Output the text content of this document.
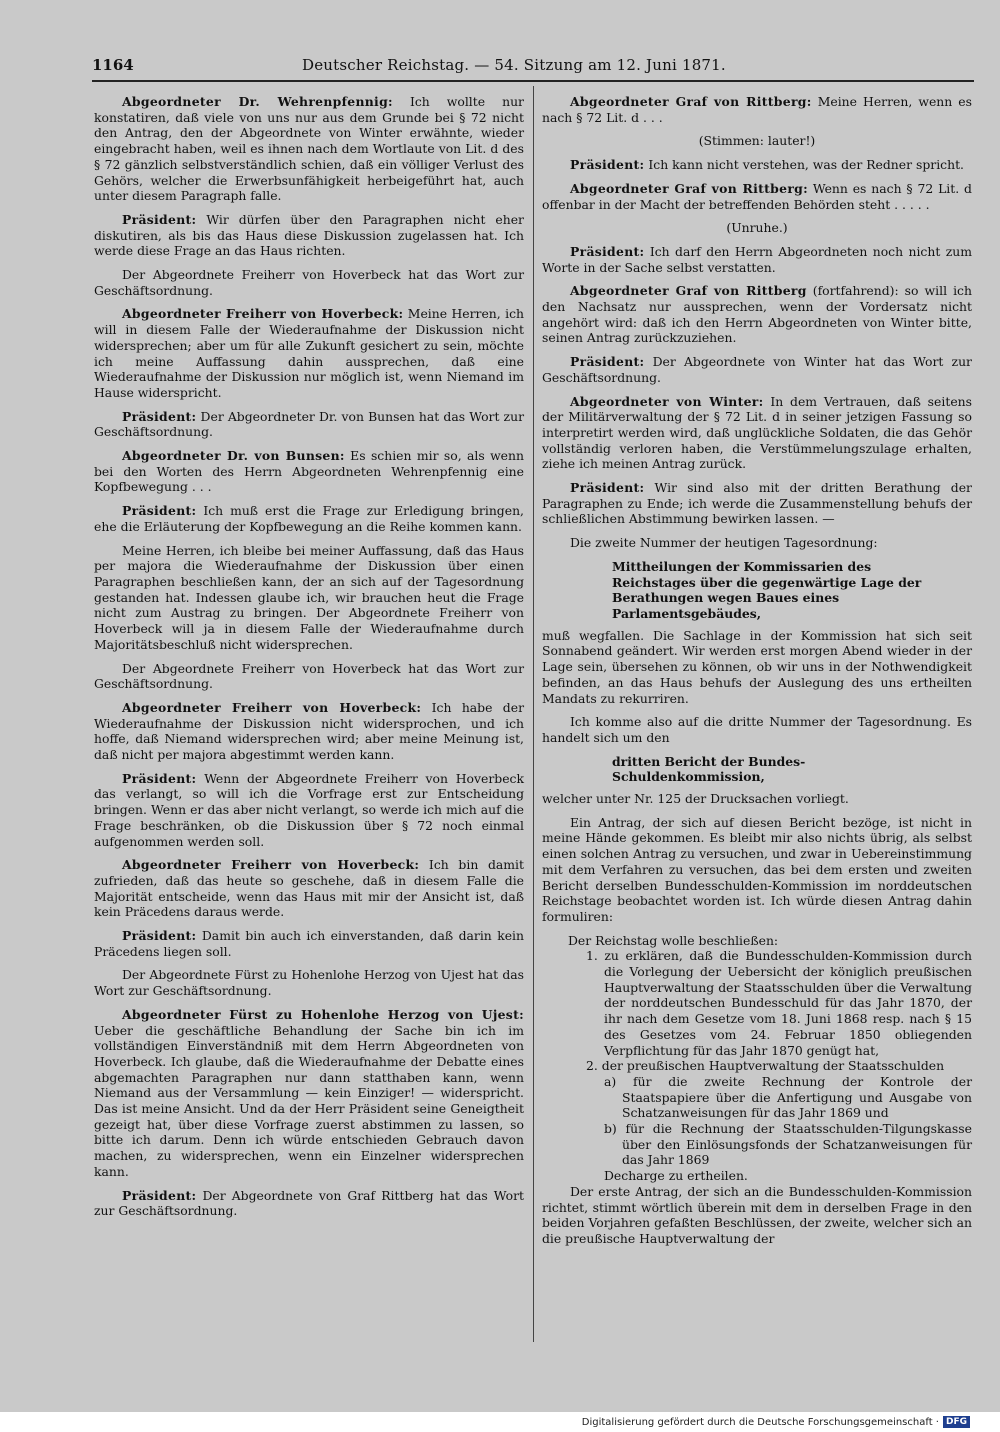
1164	Deutscher Reichstag. — 54. Sitzung am 12. Juni 1871.

Abgeordneter Dr. Wehrenpfennig: Ich wollte nur konstatiren, daß viele von uns nur aus dem Grunde bei § 72 nicht den Antrag, den der Abgeordnete von Winter erwähnte, wieder eingebracht haben, weil es ihnen nach dem Wortlaute von Lit. d des § 72 gänzlich selbstverständlich schien, daß ein völliger Verlust des Gehörs, welcher die Erwerbsunfähigkeit herbeigeführt hat, auch unter diesem Paragraph falle.

Präsident: Wir dürfen über den Paragraphen nicht eher diskutiren, als bis das Haus diese Diskussion zugelassen hat. Ich werde diese Frage an das Haus richten.

Der Abgeordnete Freiherr von Hoverbeck hat das Wort zur Geschäftsordnung.

Abgeordneter Freiherr von Hoverbeck: Meine Herren, ich will in diesem Falle der Wiederaufnahme der Diskussion nicht widersprechen; aber um für alle Zukunft gesichert zu sein, möchte ich meine Auffassung dahin aussprechen, daß eine Wiederaufnahme der Diskussion nur möglich ist, wenn Niemand im Hause widerspricht.

Präsident: Der Abgeordneter Dr. von Bunsen hat das Wort zur Geschäftsordnung.

Abgeordneter Dr. von Bunsen: Es schien mir so, als wenn bei den Worten des Herrn Abgeordneten Wehrenpfennig eine Kopfbewegung . . .

Präsident: Ich muß erst die Frage zur Erledigung bringen, ehe die Erläuterung der Kopfbewegung an die Reihe kommen kann.

Meine Herren, ich bleibe bei meiner Auffassung, daß das Haus per majora die Wiederaufnahme der Diskussion über einen Paragraphen beschließen kann, der an sich auf der Tagesordnung gestanden hat. Indessen glaube ich, wir brauchen heut die Frage nicht zum Austrag zu bringen. Der Abgeordnete Freiherr von Hoverbeck will ja in diesem Falle der Wiederaufnahme durch Majoritätsbeschluß nicht widersprechen.

Der Abgeordnete Freiherr von Hoverbeck hat das Wort zur Geschäftsordnung.

Abgeordneter Freiherr von Hoverbeck: Ich habe der Wiederaufnahme der Diskussion nicht widersprochen, und ich hoffe, daß Niemand widersprechen wird; aber meine Meinung ist, daß nicht per majora abgestimmt werden kann.

Präsident: Wenn der Abgeordnete Freiherr von Hoverbeck das verlangt, so will ich die Vorfrage erst zur Entscheidung bringen. Wenn er das aber nicht verlangt, so werde ich mich auf die Frage beschränken, ob die Diskussion über § 72 noch einmal aufgenommen werden soll.

Abgeordneter Freiherr von Hoverbeck: Ich bin damit zufrieden, daß das heute so geschehe, daß in diesem Falle die Majorität entscheide, wenn das Haus mit mir der Ansicht ist, daß kein Präcedens daraus werde.

Präsident: Damit bin auch ich einverstanden, daß darin kein Präcedens liegen soll.

Der Abgeordnete Fürst zu Hohenlohe Herzog von Ujest hat das Wort zur Geschäftsordnung.

Abgeordneter Fürst zu Hohenlohe Herzog von Ujest: Ueber die geschäftliche Behandlung der Sache bin ich im vollständigen Einverständniß mit dem Herrn Abgeordneten von Hoverbeck. Ich glaube, daß die Wiederaufnahme der Debatte eines abgemachten Paragraphen nur dann statthaben kann, wenn Niemand aus der Versammlung — kein Einziger! — widerspricht. Das ist meine Ansicht. Und da der Herr Präsident seine Geneigtheit gezeigt hat, über diese Vorfrage zuerst abstimmen zu lassen, so bitte ich darum. Denn ich würde entschieden Gebrauch davon machen, zu widersprechen, wenn ein Einzelner widersprechen kann.

Präsident: Der Abgeordnete von Graf Rittberg hat das Wort zur Geschäftsordnung.

Abgeordneter Graf von Rittberg: Meine Herren, wenn es nach § 72 Lit. d . . .

(Stimmen: lauter!)

Präsident: Ich kann nicht verstehen, was der Redner spricht.

Abgeordneter Graf von Rittberg: Wenn es nach § 72 Lit. d offenbar in der Macht der betreffenden Behörden steht . . . . .

(Unruhe.)

Präsident: Ich darf den Herrn Abgeordneten noch nicht zum Worte in der Sache selbst verstatten.

Abgeordneter Graf von Rittberg (fortfahrend): so will ich den Nachsatz nur aussprechen, wenn der Vordersatz nicht angehört wird: daß ich den Herrn Abgeordneten von Winter bitte, seinen Antrag zurückzuziehen.

Präsident: Der Abgeordnete von Winter hat das Wort zur Geschäftsordnung.

Abgeordneter von Winter: In dem Vertrauen, daß seitens der Militärverwaltung der § 72 Lit. d in seiner jetzigen Fassung so interpretirt werden wird, daß unglückliche Soldaten, die das Gehör vollständig verloren haben, die Verstümmelungszulage erhalten, ziehe ich meinen Antrag zurück.

Präsident: Wir sind also mit der dritten Berathung der Paragraphen zu Ende; ich werde die Zusammenstellung behufs der schließlichen Abstimmung bewirken lassen. —

Die zweite Nummer der heutigen Tagesordnung:

Mittheilungen der Kommissarien des Reichstages über die gegenwärtige Lage der Berathungen wegen Baues eines Parlamentsgebäudes,

muß wegfallen. Die Sachlage in der Kommission hat sich seit Sonnabend geändert. Wir werden erst morgen Abend wieder in der Lage sein, übersehen zu können, ob wir uns in der Nothwendigkeit befinden, an das Haus behufs der Auslegung des uns ertheilten Mandats zu rekurriren.

Ich komme also auf die dritte Nummer der Tagesordnung. Es handelt sich um den

dritten Bericht der Bundes-Schuldenkommission,

welcher unter Nr. 125 der Drucksachen vorliegt.

Ein Antrag, der sich auf diesen Bericht bezöge, ist nicht in meine Hände gekommen. Es bleibt mir also nichts übrig, als selbst einen solchen Antrag zu versuchen, und zwar in Uebereinstimmung mit dem Verfahren zu versuchen, das bei dem ersten und zweiten Bericht derselben Bundesschulden-Kommission im norddeutschen Reichstage beobachtet worden ist. Ich würde diesen Antrag dahin formuliren:

Der Reichstag wolle beschließen:

1. zu erklären, daß die Bundesschulden-Kommission durch die Vorlegung der Uebersicht der königlich preußischen Hauptverwaltung der Staatsschulden über die Verwaltung der norddeutschen Bundesschuld für das Jahr 1870, der ihr nach dem Gesetze vom 18. Juni 1868 resp. nach § 15 des Gesetzes vom 24. Februar 1850 obliegenden Verpflichtung für das Jahr 1870 genügt hat,

2. der preußischen Hauptverwaltung der Staatsschulden

a) für die zweite Rechnung der Kontrole der Staatspapiere über die Anfertigung und Ausgabe von Schatzanweisungen für das Jahr 1869 und

b) für die Rechnung der Staatsschulden-Tilgungskasse über den Einlösungsfonds der Schatzanweisungen für das Jahr 1869

Decharge zu ertheilen.

Der erste Antrag, der sich an die Bundesschulden-Kommission richtet, stimmt wörtlich überein mit dem in derselben Frage in den beiden Vorjahren gefaßten Beschlüssen, der zweite, welcher sich an die preußische Hauptverwaltung der

Digitalisierung gefördert durch die Deutsche Forschungsgemeinschaft · DFG
